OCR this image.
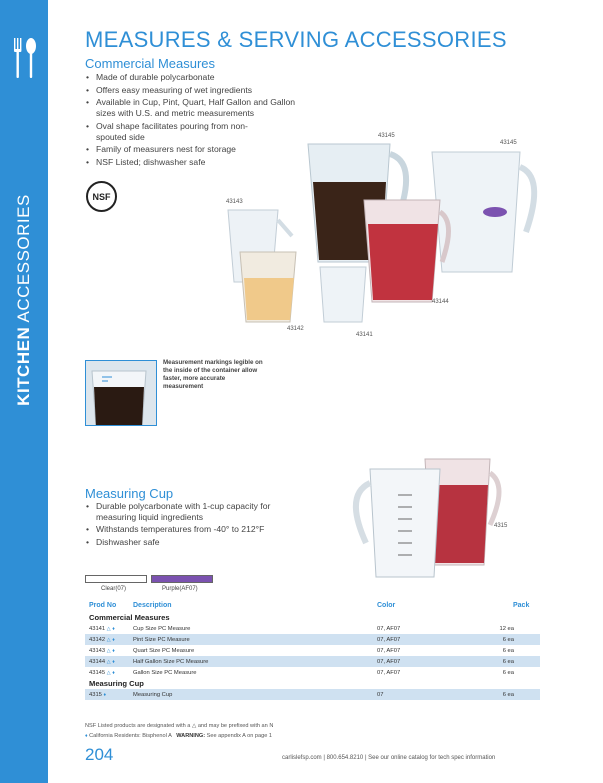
KITCHEN ACCESSORIES
MEASURES & SERVING ACCESSORIES
Commercial Measures
• Made of durable polycarbonate
• Offers easy measuring of wet ingredients
• Available in Cup, Pint, Quart, Half Gallon and Gallon sizes with U.S. and metric measurements
• Oval shape facilitates pouring from non-spouted side
• Family of measurers nest for storage
• NSF Listed; dishwasher safe
NSF
43145
43145
43143
43144
43142
43141
Measurement markings legible on the inside of the container allow faster, more accurate measurement
Measuring Cup
• Durable polycarbonate with 1-cup capacity for measuring liquid ingredients
• Withstands temperatures from -40° to 212°F
• Dishwasher safe
4315
Clear(07)	Purple(AF07)
Prod No	Description	Color	Pack
Commercial Measures
43141 △ ♦	Cup Size PC Measure	07, AF07	12 ea
43142 △ ♦	Pint Size PC Measure	07, AF07	6 ea
43143 △ ♦	Quart Size PC Measure	07, AF07	6 ea
43144 △ ♦	Half Gallon Size PC Measure	07, AF07	6 ea
43145 △ ♦	Gallon Size PC Measure	07, AF07	6 ea
Measuring Cup
4315 ♦	Measuring Cup	07	6 ea
NSF Listed products are designated with a △ and may be prefixed with an N
♦ California Residents: Bisphenol A WARNING: See appendix A on page 1
204	carlislefsp.com | 800.654.8210 | See our online catalog for tech spec information
